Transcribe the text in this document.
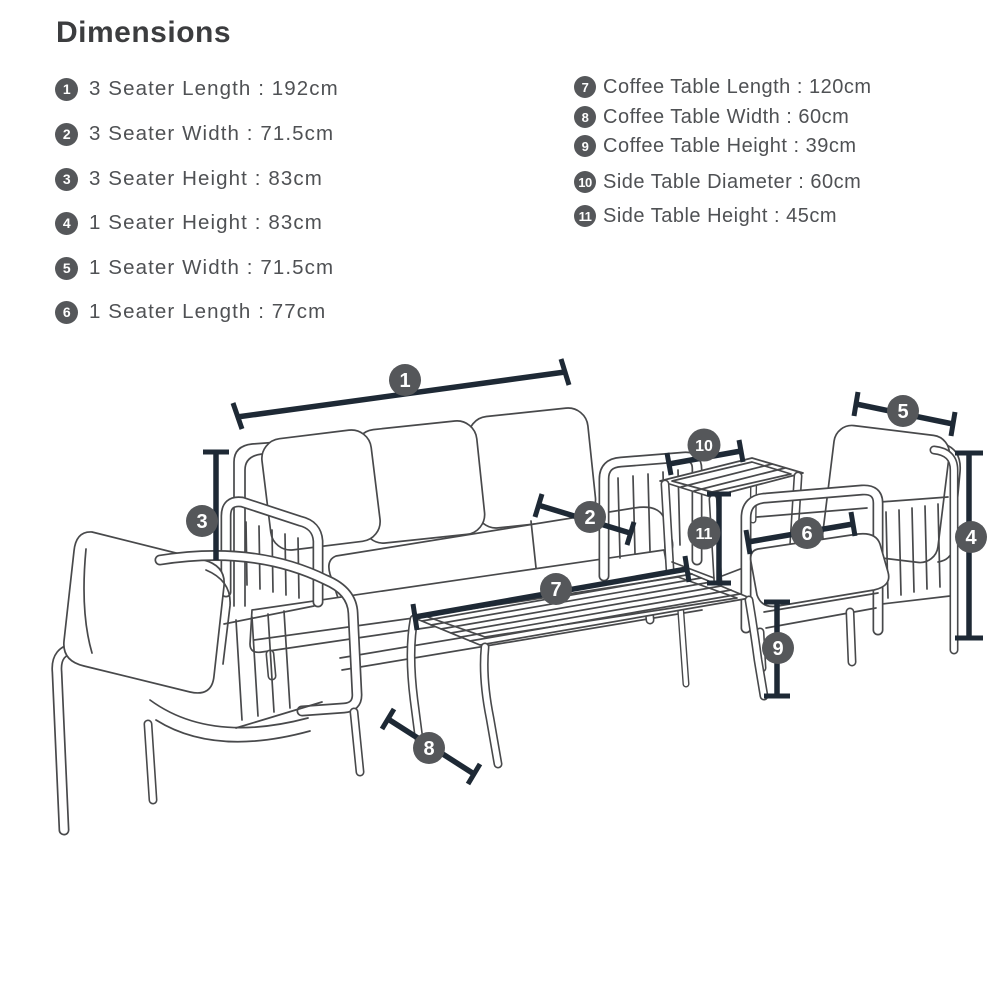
Dimensions
1 3 Seater Length : 192cm
2 3 Seater Width : 71.5cm
3 3 Seater Height : 83cm
4 1 Seater Height : 83cm
5 1 Seater Width : 71.5cm
6 1 Seater Length : 77cm
7 Coffee Table Length : 120cm
8 Coffee Table Width : 60cm
9 Coffee Table Height : 39cm
10 Side Table Diameter : 60cm
11 Side Table Height : 45cm
1
2
3
4
5
6
7
8
9
10
11
